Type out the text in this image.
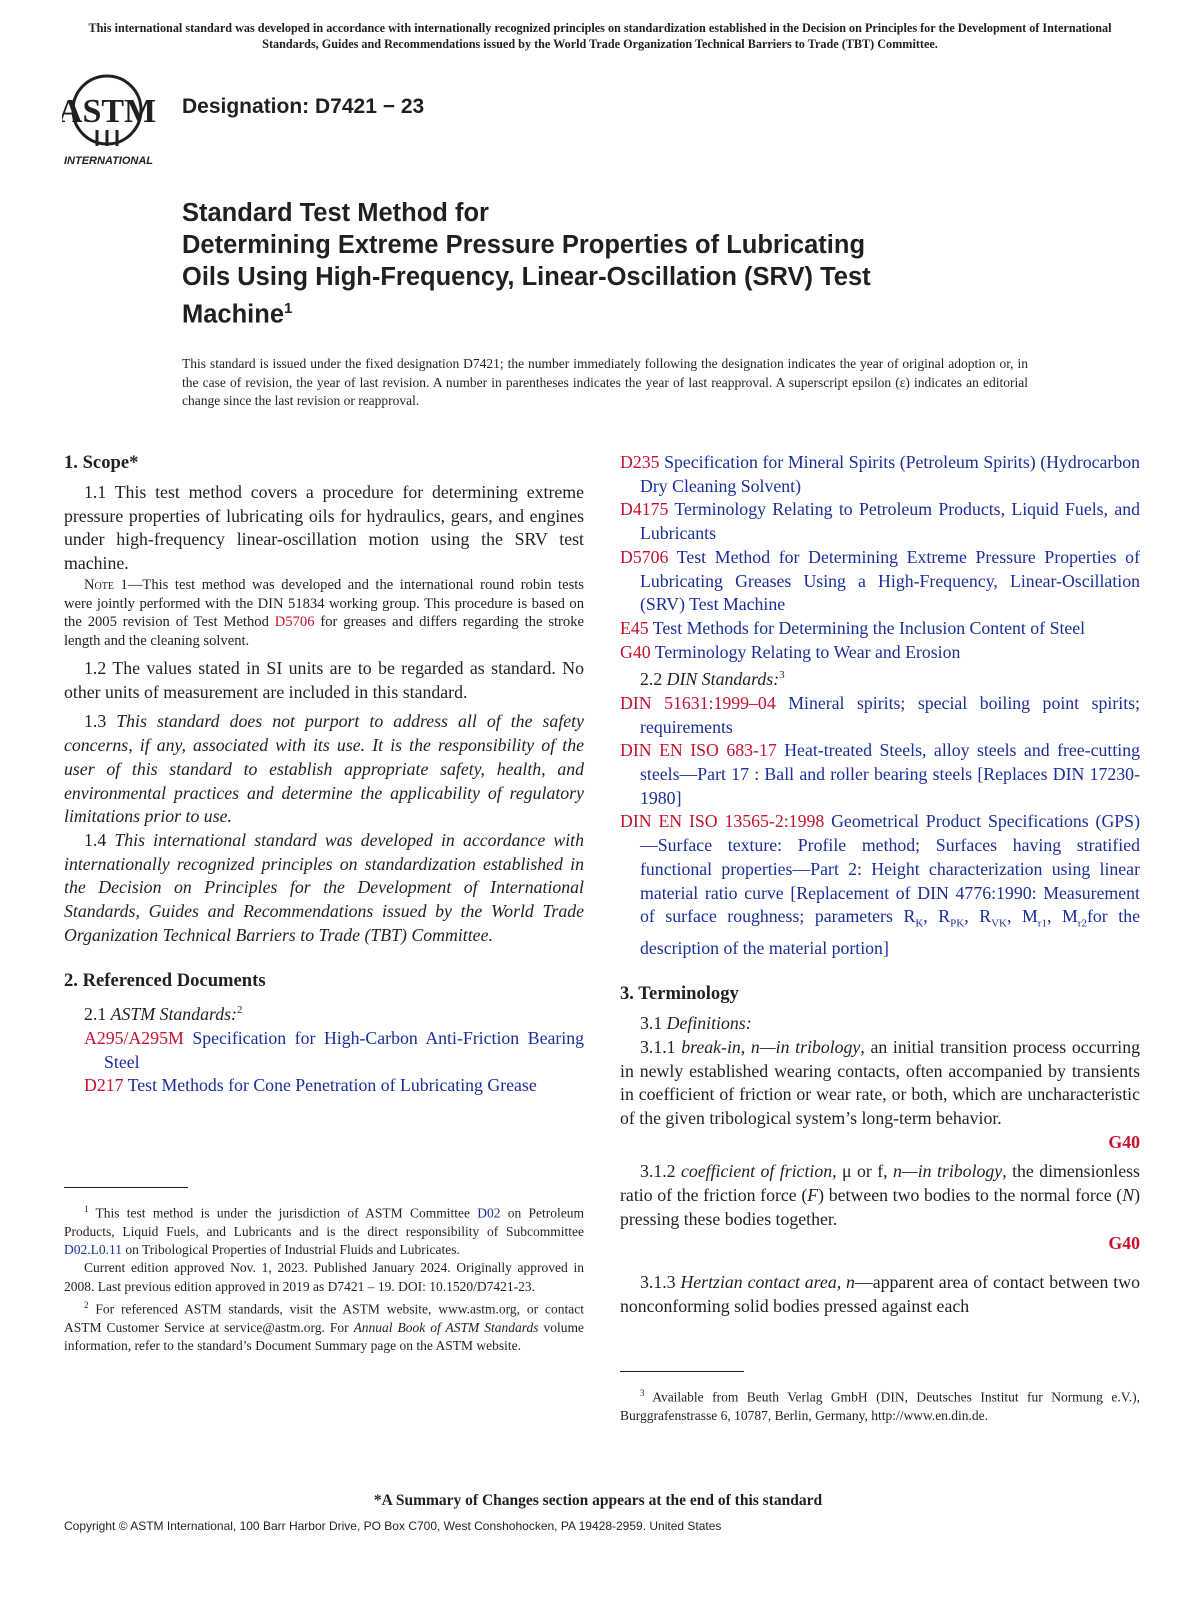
This international standard was developed in accordance with internationally recognized principles on standardization established in the Decision on Principles for the Development of International Standards, Guides and Recommendations issued by the World Trade Organization Technical Barriers to Trade (TBT) Committee.
ASTM
INTERNATIONAL
Designation: D7421 − 23
Standard Test Method for
Determining Extreme Pressure Properties of Lubricating
Oils Using High-Frequency, Linear-Oscillation (SRV) Test
Machine$^1$
This standard is issued under the fixed designation D7421; the number immediately following the designation indicates the year of original adoption or, in the case of revision, the year of last revision. A number in parentheses indicates the year of last reapproval. A superscript epsilon (ε) indicates an editorial change since the last revision or reapproval.
1. Scope*

1.1 This test method covers a procedure for determining extreme pressure properties of lubricating oils for hydraulics, gears, and engines under high-frequency linear-oscillation motion using the SRV test machine.

Note 1—This test method was developed and the international round robin tests were jointly performed with the DIN 51834 working group. This procedure is based on the 2005 revision of Test Method D5706 for greases and differs regarding the stroke length and the cleaning solvent.

1.2 The values stated in SI units are to be regarded as standard. No other units of measurement are included in this standard.

1.3 This standard does not purport to address all of the safety concerns, if any, associated with its use. It is the responsibility of the user of this standard to establish appropriate safety, health, and environmental practices and determine the applicability of regulatory limitations prior to use.

1.4 This international standard was developed in accordance with internationally recognized principles on standardization established in the Decision on Principles for the Development of International Standards, Guides and Recommendations issued by the World Trade Organization Technical Barriers to Trade (TBT) Committee.

2. Referenced Documents

2.1 ASTM Standards:$^2$

A295/A295M Specification for High-Carbon Anti-Friction Bearing Steel

D217 Test Methods for Cone Penetration of Lubricating Grease

$^1$ This test method is under the jurisdiction of ASTM Committee D02 on Petroleum Products, Liquid Fuels, and Lubricants and is the direct responsibility of Subcommittee D02.L0.11 on Tribological Properties of Industrial Fluids and Lubricates.

Current edition approved Nov. 1, 2023. Published January 2024. Originally approved in 2008. Last previous edition approved in 2019 as D7421 – 19. DOI: 10.1520/D7421-23.

$^2$ For referenced ASTM standards, visit the ASTM website, www.astm.org, or contact ASTM Customer Service at service@astm.org. For Annual Book of ASTM Standards volume information, refer to the standard’s Document Summary page on the ASTM website.

D235 Specification for Mineral Spirits (Petroleum Spirits) (Hydrocarbon Dry Cleaning Solvent)

D4175 Terminology Relating to Petroleum Products, Liquid Fuels, and Lubricants

D5706 Test Method for Determining Extreme Pressure Properties of Lubricating Greases Using a High-Frequency, Linear-Oscillation (SRV) Test Machine

E45 Test Methods for Determining the Inclusion Content of Steel

G40 Terminology Relating to Wear and Erosion

2.2 DIN Standards:$^3$

DIN 51631:1999–04 Mineral spirits; special boiling point spirits; requirements

DIN EN ISO 683-17 Heat-treated Steels, alloy steels and free-cutting steels—Part 17 : Ball and roller bearing steels [Replaces DIN 17230-1980]

DIN EN ISO 13565-2:1998 Geometrical Product Specifications (GPS)—Surface texture: Profile method; Surfaces having stratified functional properties—Part 2: Height characterization using linear material ratio curve [Replacement of DIN 4776:1990: Measurement of surface roughness; parameters $R_K$, $R_{PK}$, $R_{VK}$, $M_{r1}$, $M_{r2}for$ the description of the material portion]

3. Terminology

3.1 Definitions:

3.1.1 break-in, n—in tribology, an initial transition process occurring in newly established wearing contacts, often accompanied by transients in coefficient of friction or wear rate, or both, which are uncharacteristic of the given tribological system’s long-term behavior.

G40

3.1.2 coefficient of friction, μ or f, n—in tribology, the dimensionless ratio of the friction force (F) between two bodies to the normal force (N) pressing these bodies together.

G40

3.1.3 Hertzian contact area, n—apparent area of contact between two nonconforming solid bodies pressed against each

$^3$ Available from Beuth Verlag GmbH (DIN, Deutsches Institut fur Normung e.V.), Burggrafenstrasse 6, 10787, Berlin, Germany, http://www.en.din.de.

*A Summary of Changes section appears at the end of this standard
Copyright © ASTM International, 100 Barr Harbor Drive, PO Box C700, West Conshohocken, PA 19428-2959. United States
